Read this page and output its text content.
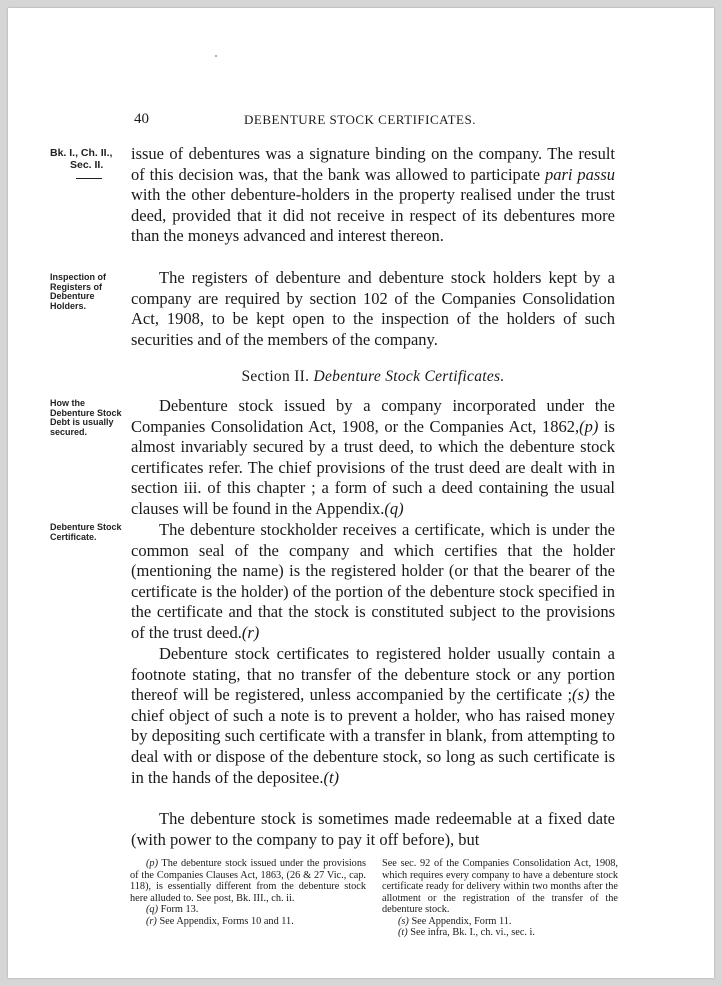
40	DEBENTURE STOCK CERTIFICATES.
Bk. I., Ch. II.,
Sec. II.
Inspection of Registers of Debenture Holders.
How the Debenture Stock Debt is usually secured.
Debenture Stock Certificate.
issue of debentures was a signature binding on the company. The result of this decision was, that the bank was allowed to participate pari passu with the other debenture-holders in the property realised under the trust deed, provided that it did not receive in respect of its debentures more than the moneys advanced and interest thereon.
The registers of debenture and debenture stock holders kept by a company are required by section 102 of the Companies Consolidation Act, 1908, to be kept open to the inspection of the holders of such securities and of the members of the company.
Section II. Debenture Stock Certificates.
Debenture stock issued by a company incorporated under the Companies Consolidation Act, 1908, or the Companies Act, 1862,(p) is almost invariably secured by a trust deed, to which the debenture stock certificates refer. The chief provisions of the trust deed are dealt with in section iii. of this chapter ; a form of such a deed containing the usual clauses will be found in the Appendix.(q)
The debenture stockholder receives a certificate, which is under the common seal of the company and which certifies that the holder (mentioning the name) is the registered holder (or that the bearer of the certificate is the holder) of the portion of the debenture stock specified in the certificate and that the stock is constituted subject to the provisions of the trust deed.(r)
Debenture stock certificates to registered holder usually contain a footnote stating, that no transfer of the debenture stock or any portion thereof will be registered, unless accompanied by the certificate ;(s) the chief object of such a note is to prevent a holder, who has raised money by depositing such certificate with a transfer in blank, from attempting to deal with or dispose of the debenture stock, so long as such certificate is in the hands of the depositee.(t)
The debenture stock is sometimes made redeemable at a fixed date (with power to the company to pay it off before), but

(p) The debenture stock issued under the provisions of the Companies Clauses Act, 1863, (26 & 27 Vic., cap. 118), is essentially different from the debenture stock here alluded to. See post, Bk. III., ch. ii.

(q) Form 13.

(r) See Appendix, Forms 10 and 11.

See sec. 92 of the Companies Consolidation Act, 1908, which requires every company to have a debenture stock certificate ready for delivery within two months after the allotment or the registration of the transfer of the debenture stock.

(s) See Appendix, Form 11.

(t) See infra, Bk. I., ch. vi., sec. i.
